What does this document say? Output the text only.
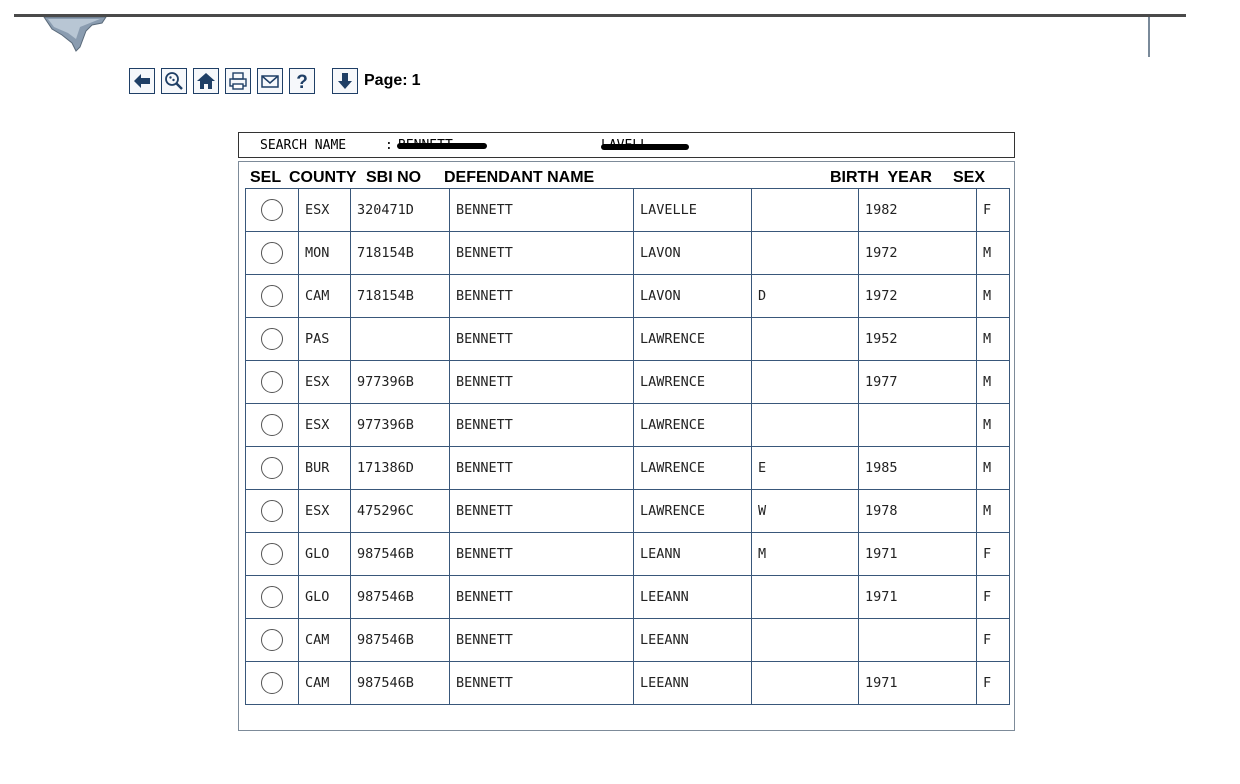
?	Page: 1
SEARCH NAME	:
SEL COUNTY SBI NO DEFENDANT NAME	BIRTH  YEAR SEX
	ESX	320471D	BENNETT	LAVELLE		1982	F
	MON	718154B	BENNETT	LAVON		1972	M
	CAM	718154B	BENNETT	LAVON	D	1972	M
	PAS		BENNETT	LAWRENCE		1952	M
	ESX	977396B	BENNETT	LAWRENCE		1977	M
	ESX	977396B	BENNETT	LAWRENCE			M
	BUR	171386D	BENNETT	LAWRENCE	E	1985	M
	ESX	475296C	BENNETT	LAWRENCE	W	1978	M
	GLO	987546B	BENNETT	LEANN	M	1971	F
	GLO	987546B	BENNETT	LEEANN		1971	F
	CAM	987546B	BENNETT	LEEANN			F
	CAM	987546B	BENNETT	LEEANN		1971	F
